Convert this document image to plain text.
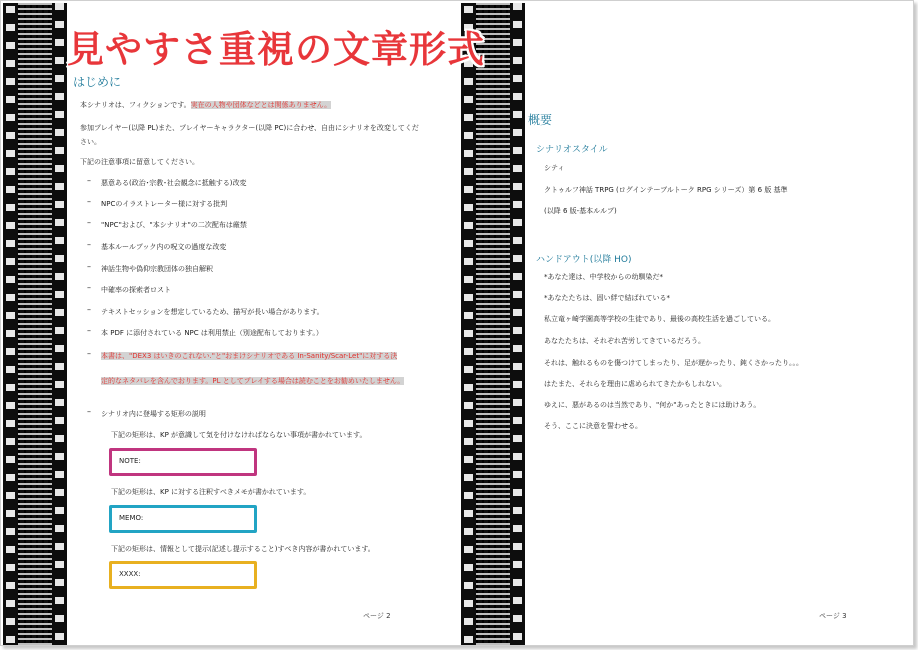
はじめに
本シナリオは、フィクションです。実在の人物や団体などとは関係ありません。
参加プレイヤー(以降 PL)また、プレイヤーキャラクター(以降 PC)に合わせ、自由にシナリオを改変してくだ
さい。
下記の注意事項に留意してください。
– 悪意ある(政治･宗教･社会観念に抵触する)改変
– NPCのイラストレーター様に対する批判
– "NPC"および、"本シナリオ"の二次配布は厳禁
– 基本ルールブック内の呪文の過度な改変
– 神話生物や偽仰宗教団体の独自解釈
– 中確率の探索者ロスト
– テキストセッションを想定しているため、描写が長い場合があります。
– 本 PDF に添付されている NPC は利用禁止（別途配布しております。）
– 本書は、"DEX3 はいきのこれない."と"おまけシナリオである In-Sanity/Scar-Let"に対する決
定的なネタバレを含んでおります。PL としてプレイする場合は読むことをお勧めいたしません。
– シナリオ内に登場する矩形の説明
下記の矩形は、KP が意識して気を付けなければならない事項が書かれています。
NOTE:
下記の矩形は、KP に対する注釈すべきメモが書かれています。
MEMO:
下記の矩形は、情報として提示(記述し提示すること)すべき内容が書かれています。
XXXX:
ページ 2
見やすさ重視の文章形式
概要
シナリオスタイル
シティ
クトゥルフ神話 TRPG (ログインテーブルトーク RPG シリーズ）第 6 版 基準
(以降 6 版-基本ルルブ)
ハンドアウト(以降 HO)
*あなた達は、中学校からの幼馴染だ*
*あなたたちは、固い絆で結ばれている*
私立竜ヶ崎学園高等学校の生徒であり、最後の高校生活を過ごしている。
あなたたちは、それぞれ苦労してきているだろう。
それは、触れるものを傷つけてしまったり、足が遅かったり、鈍くさかったり。。。
はたまた、それらを理由に虐められてきたかもしれない。
ゆえに、悪があるのは当然であり、"何か"あったときには助けあう。
そう、ここに決意を誓わせる。
ページ 3
